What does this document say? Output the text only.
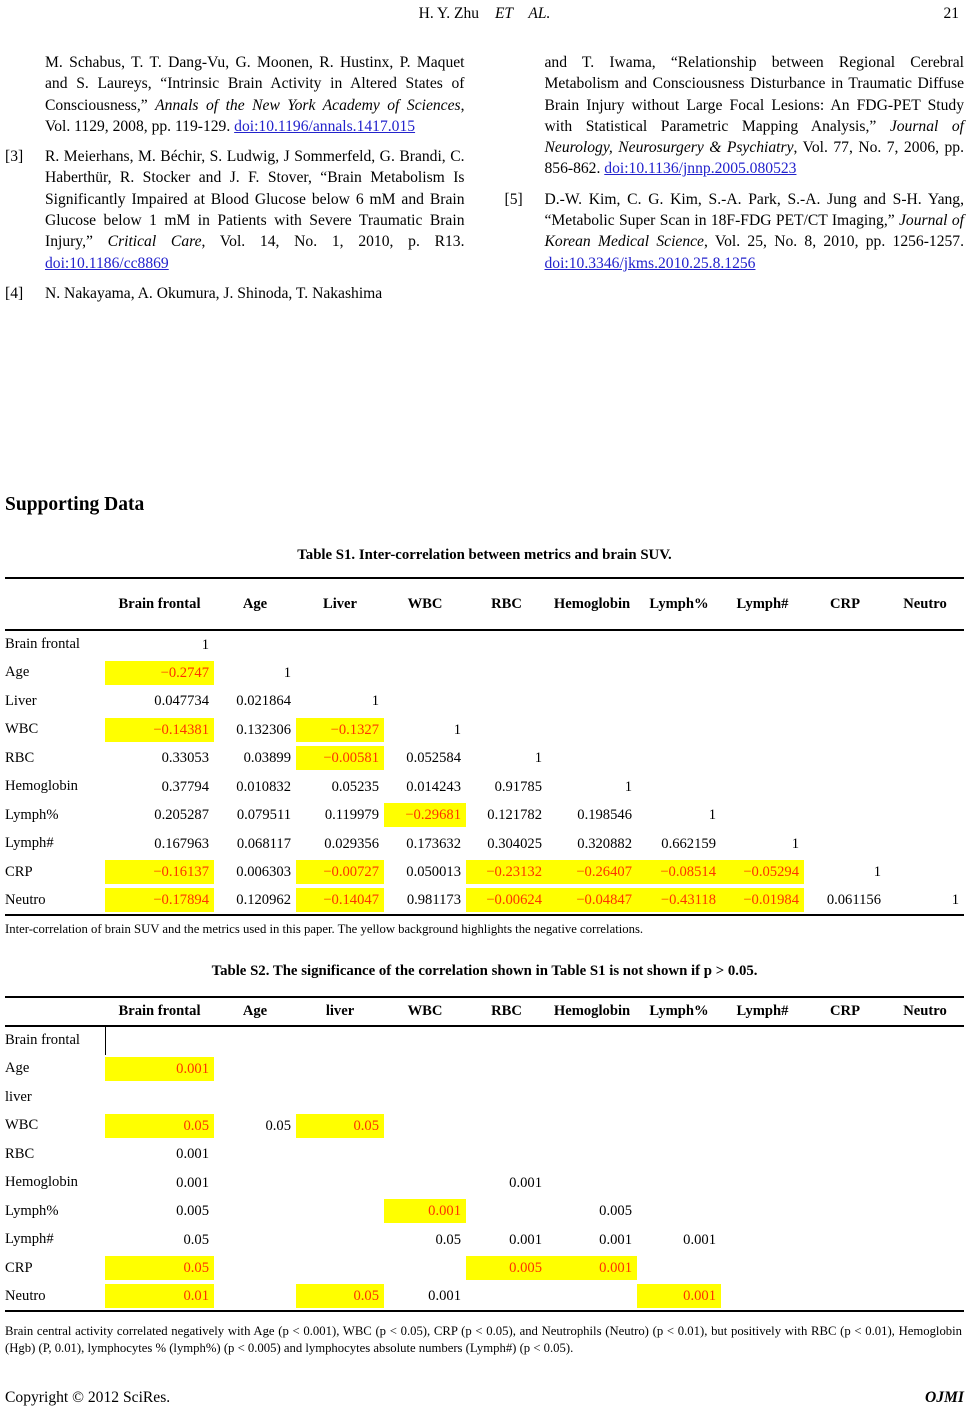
H. Y. Zhu ET AL.	21
M. Schabus, T. T. Dang-Vu, G. Moonen, R. Hustinx, P. Maquet and S. Laureys, “Intrinsic Brain Activity in Altered States of Consciousness,” Annals of the New York Academy of Sciences, Vol. 1129, 2008, pp. 119-129. doi:10.1196/annals.1417.015
[3]	R. Meierhans, M. Béchir, S. Ludwig, J Sommerfeld, G. Brandi, C. Haberthür, R. Stocker and J. F. Stover, “Brain Metabolism Is Significantly Impaired at Blood Glucose below 6 mM and Brain Glucose below 1 mM in Patients with Severe Traumatic Brain Injury,” Critical Care, Vol. 14, No. 1, 2010, p. R13. doi:10.1186/cc8869
[4]	N. Nakayama, A. Okumura, J. Shinoda, T. Nakashima
and T. Iwama, “Relationship between Regional Cerebral Metabolism and Consciousness Disturbance in Traumatic Diffuse Brain Injury without Large Focal Lesions: An FDG-PET Study with Statistical Parametric Mapping Analysis,” Journal of Neurology, Neurosurgery & Psychiatry, Vol. 77, No. 7, 2006, pp. 856-862. doi:10.1136/jnnp.2005.080523
[5]	D.-W. Kim, C. G. Kim, S.-A. Park, S.-A. Jung and S-H. Yang, “Metabolic Super Scan in 18F-FDG PET/CT Imaging,” Journal of Korean Medical Science, Vol. 25, No. 8, 2010, pp. 1256-1257. doi:10.3346/jkms.2010.25.8.1256
Supporting Data
Table S1. Inter-correlation between metrics and brain SUV.
	Brain frontal	Age	Liver	WBC	RBC	Hemoglobin	Lymph%	Lymph#	CRP	Neutro
Brain frontal	1									

Age	−0.2747	1								

Liver	0.047734	0.021864	1							

WBC	−0.14381	0.132306	−0.1327	1						

RBC	0.33053	0.03899	−0.00581	0.052584	1					

Hemoglobin	0.37794	0.010832	0.05235	0.014243	0.91785	1				

Lymph%	0.205287	0.079511	0.119979	−0.29681	0.121782	0.198546	1			

Lymph#	0.167963	0.068117	0.029356	0.173632	0.304025	0.320882	0.662159	1		

CRP	−0.16137	0.006303	−0.00727	0.050013	−0.23132	−0.26407	−0.08514	−0.05294	1	

Neutro	−0.17894	0.120962	−0.14047	0.981173	−0.00624	−0.04847	−0.43118	−0.01984	0.061156	1
Inter-correlation of brain SUV and the metrics used in this paper. The yellow background highlights the negative correlations.
Table S2. The significance of the correlation shown in Table S1 is not shown if p > 0.05.
	Brain frontal	Age	liver	WBC	RBC	Hemoglobin	Lymph%	Lymph#	CRP	Neutro
Brain frontal	

Age	0.001									

liver	

WBC	0.05	0.05	0.05							

RBC	0.001									

Hemoglobin	0.001				0.001					

Lymph%	0.005			0.001		0.005				

Lymph#	0.05			0.05	0.001	0.001	0.001			

CRP	0.05				0.005	0.001				

Neutro	0.01		0.05	0.001			0.001			

Brain central activity correlated negatively with Age (p < 0.001), WBC (p < 0.05), CRP (p < 0.05), and Neutrophils (Neutro) (p < 0.01), but positively with RBC (p < 0.01), Hemoglobin (Hgb) (P, 0.01), lymphocytes % (lymph%) (p < 0.005) and lymphocytes absolute numbers (Lymph#) (p < 0.05).
Copyright © 2012 SciRes.	OJMI
